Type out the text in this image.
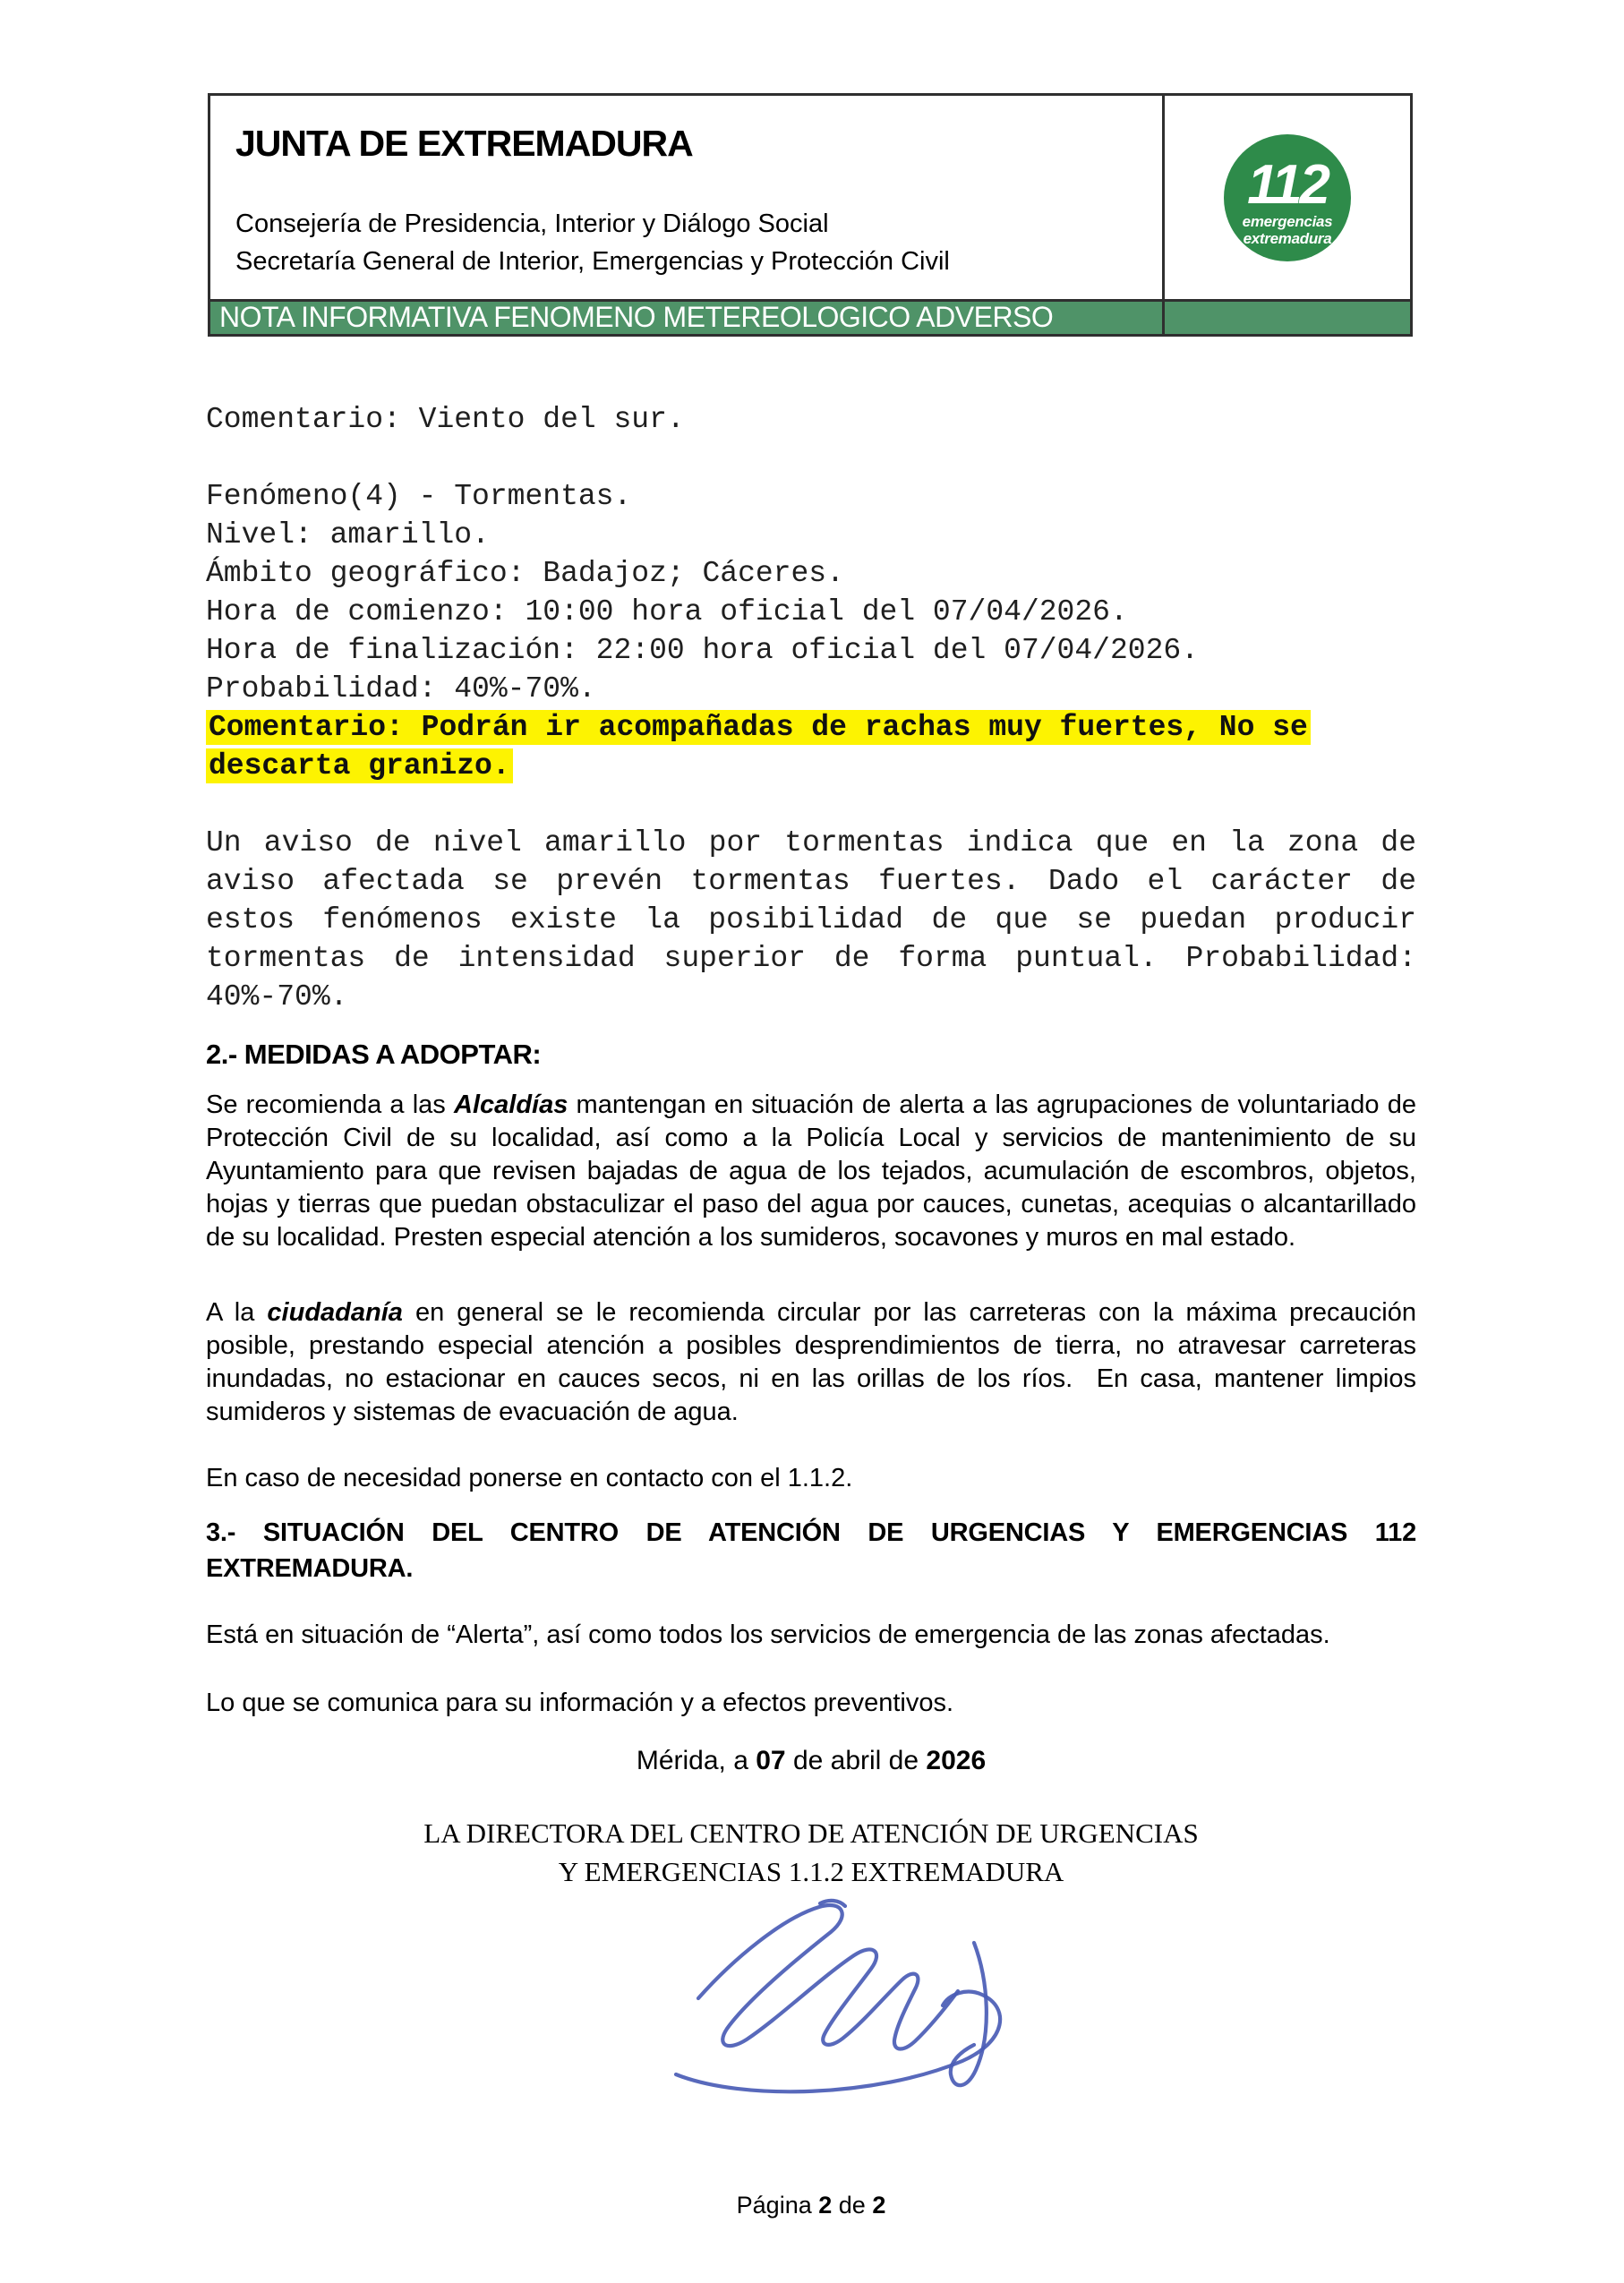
JUNTA DE EXTREMADURA
Consejería de Presidencia, Interior y Diálogo Social
Secretaría General de Interior, Emergencias y Protección Civil
112
emergencias
extremadura
NOTA INFORMATIVA FENOMENO METEREOLOGICO ADVERSO
Comentario: Viento del sur.
Fenómeno(4) - Tormentas.
Nivel: amarillo.
Ámbito geográfico: Badajoz; Cáceres.
Hora de comienzo: 10:00 hora oficial del 07/04/2026.
Hora de finalización: 22:00 hora oficial del 07/04/2026.
Probabilidad: 40%-70%.
Comentario: Podrán ir acompañadas de rachas muy fuertes, No se descarta granizo.
Un aviso de nivel amarillo por tormentas indica que en la zona de aviso afectada se prevén tormentas fuertes. Dado el carácter de estos fenómenos existe la posibilidad de que se puedan producir tormentas de intensidad superior de forma puntual. Probabilidad: 40%-70%.
2.- MEDIDAS A ADOPTAR:
Se recomienda a las Alcaldías mantengan en situación de alerta a las agrupaciones de voluntariado de Protección Civil de su localidad, así como a la Policía Local y servicios de mantenimiento de su Ayuntamiento para que revisen bajadas de agua de los tejados, acumulación de escombros, objetos, hojas y tierras que puedan obstaculizar el paso del agua por cauces, cunetas, acequias o alcantarillado de su localidad. Presten especial atención a los sumideros, socavones y muros en mal estado.
A la ciudadanía en general se le recomienda circular por las carreteras con la máxima precaución posible, prestando especial atención a posibles desprendimientos de tierra, no atravesar carreteras inundadas, no estacionar en cauces secos, ni en las orillas de los ríos.  En casa, mantener limpios sumideros y sistemas de evacuación de agua.

En caso de necesidad ponerse en contacto con el 1.1.2.

3.- SITUACIÓN DEL CENTRO DE ATENCIÓN DE URGENCIAS Y EMERGENCIAS 112 EXTREMADURA.
Está en situación de “Alerta”, así como todos los servicios de emergencia de las zonas afectadas.
Lo que se comunica para su información y a efectos preventivos.
Mérida, a 07 de abril de 2026
LA DIRECTORA DEL CENTRO DE ATENCIÓN DE URGENCIAS
Y EMERGENCIAS 1.1.2 EXTREMADURA
Página 2 de 2
